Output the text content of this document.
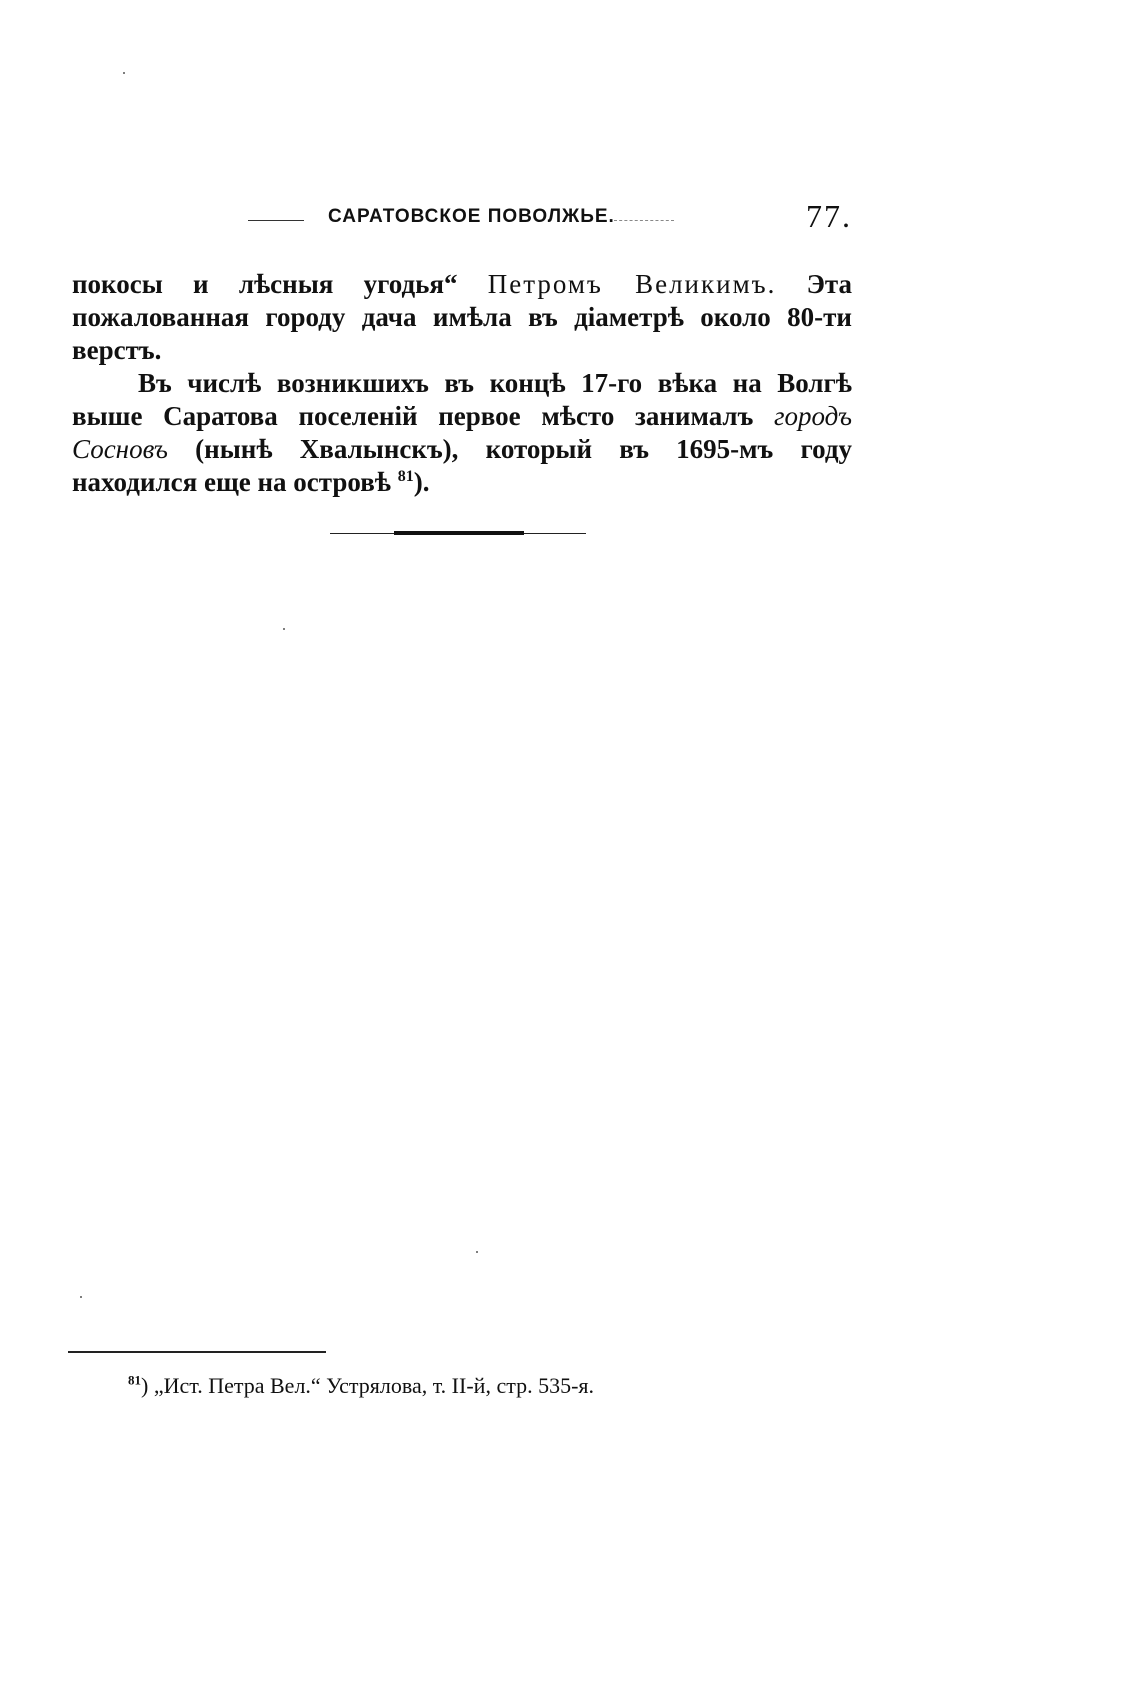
САРАТОВСКОЕ ПОВОЛЖЬЕ.	77.

покосы и лѣсныя угодья“ Петромъ Великимъ. Эта пожалованная городу дача имѣла въ діаметрѣ около 80-ти верстъ.

Въ числѣ возникшихъ въ концѣ 17-го вѣка на Волгѣ выше Саратова поселеній первое мѣсто занималъ городъ Сосновъ (нынѣ Хвалынскъ), который въ 1695-мъ году находился еще на островѣ $^{81}$).

$^{81}$) „Ист. Петра Вел.“ Устрялова, т. II-й, стр. 535-я.
